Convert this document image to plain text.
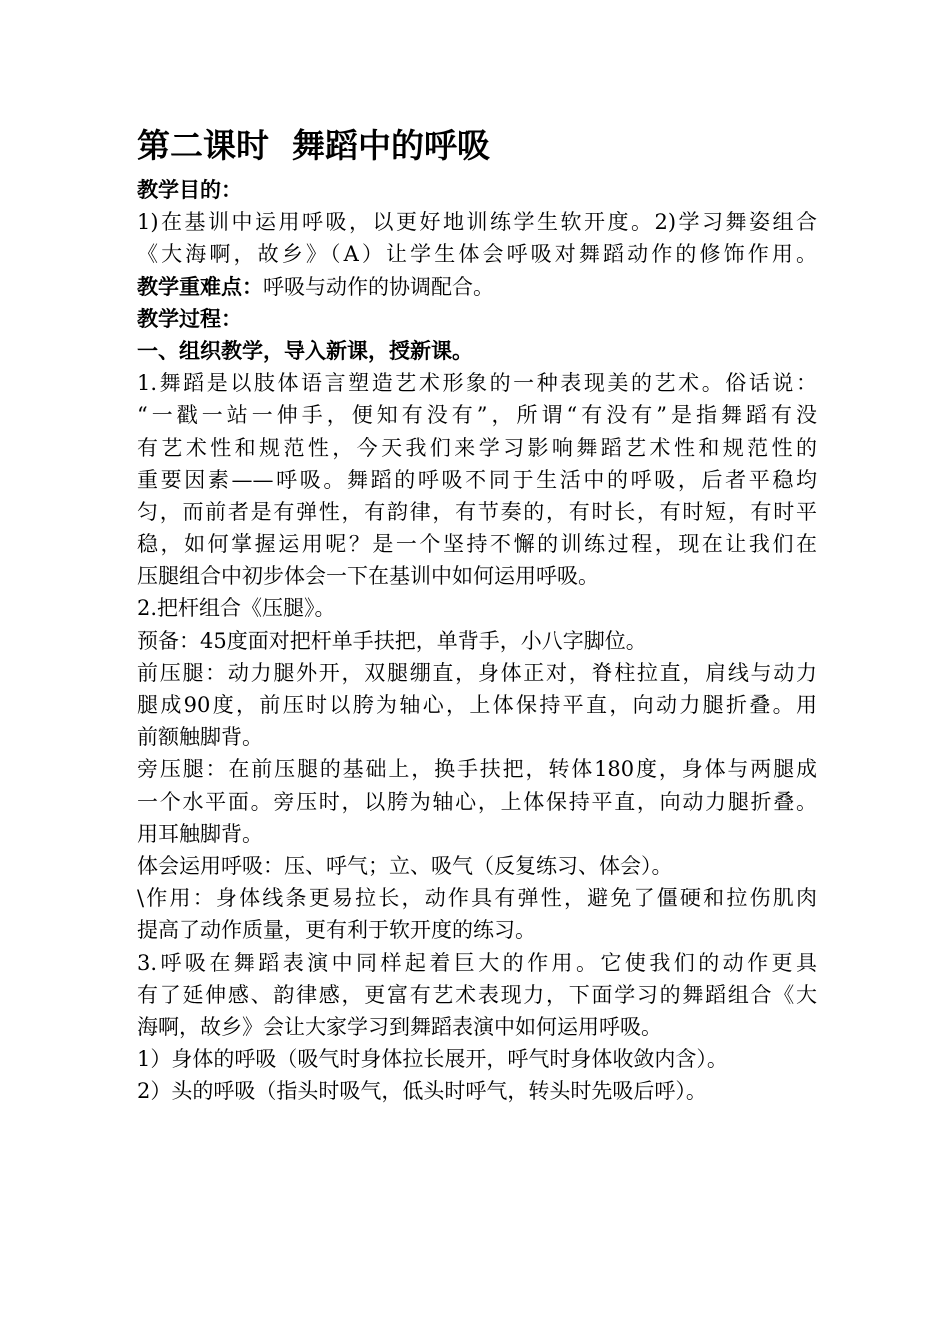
第二课时  舞蹈中的呼吸
教学目的：
1)在基训中运用呼吸，以更好地训练学生软开度。2)学习舞姿组合
《大海啊，故乡》（A）让学生体会呼吸对舞蹈动作的修饰作用。
教学重难点：呼吸与动作的协调配合。
教学过程：
一、组织教学，导入新课，授新课。
1.舞蹈是以肢体语言塑造艺术形象的一种表现美的艺术。俗话说：
“一戳一站一伸手，便知有没有”，所谓“有没有”是指舞蹈有没
有艺术性和规范性，今天我们来学习影响舞蹈艺术性和规范性的
重要因素——呼吸。舞蹈的呼吸不同于生活中的呼吸，后者平稳均
匀，而前者是有弹性，有韵律，有节奏的，有时长，有时短，有时平
稳，如何掌握运用呢？是一个坚持不懈的训练过程，现在让我们在
压腿组合中初步体会一下在基训中如何运用呼吸。
2.把杆组合《压腿》。
预备：45度面对把杆单手扶把，单背手，小八字脚位。
前压腿：动力腿外开，双腿绷直，身体正对，脊柱拉直，肩线与动力
腿成90度，前压时以胯为轴心，上体保持平直，向动力腿折叠。用
前额触脚背。
旁压腿：在前压腿的基础上，换手扶把，转体180度，身体与两腿成
一个水平面。旁压时，以胯为轴心，上体保持平直，向动力腿折叠。
用耳触脚背。
体会运用呼吸：压、呼气；立、吸气（反复练习、体会）。
\作用：身体线条更易拉长，动作具有弹性，避免了僵硬和拉伤肌肉
提高了动作质量，更有利于软开度的练习。
3.呼吸在舞蹈表演中同样起着巨大的作用。它使我们的动作更具
有了延伸感、韵律感，更富有艺术表现力，下面学习的舞蹈组合《大
海啊，故乡》会让大家学习到舞蹈表演中如何运用呼吸。
1）身体的呼吸（吸气时身体拉长展开，呼气时身体收敛内含）。
2）头的呼吸（指头时吸气，低头时呼气，转头时先吸后呼）。
